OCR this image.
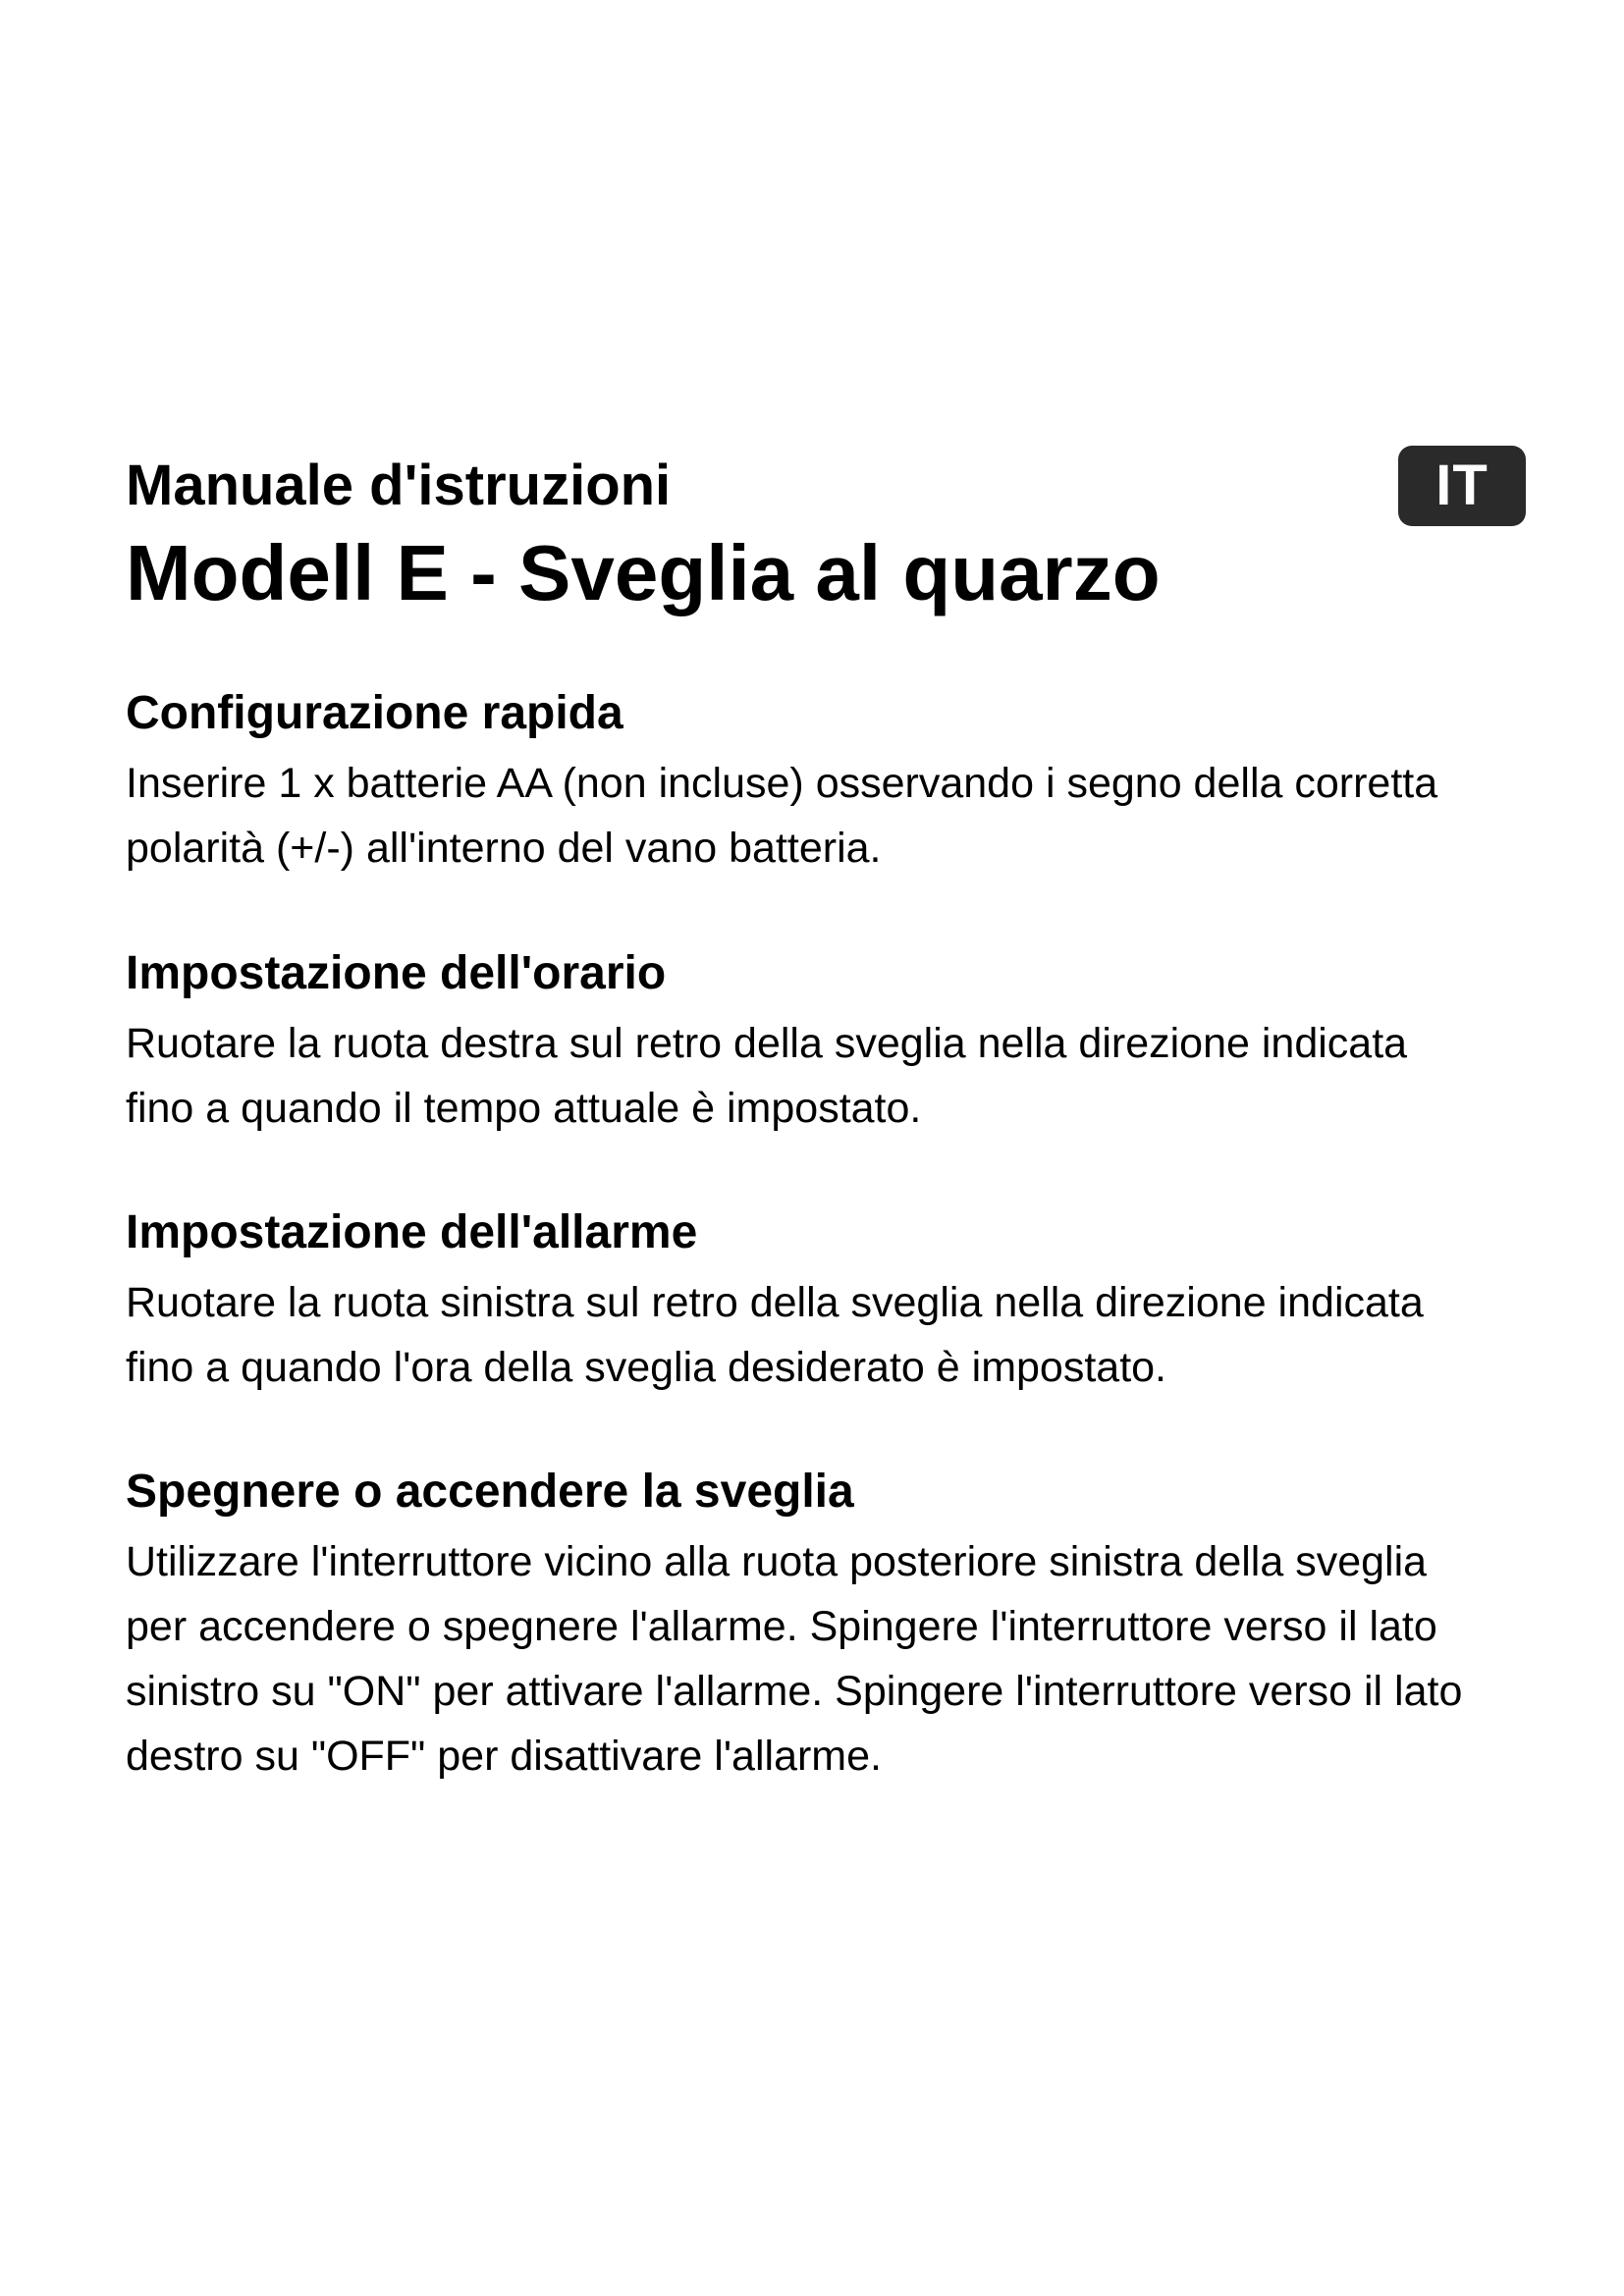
IT
Manuale d'istruzioni
Modell E - Sveglia al quarzo
Configurazione rapida

Inserire 1 x batterie AA (non incluse) osservando i segno della corretta
polarità (+/-) all'interno del vano batteria.

Impostazione dell'orario

Ruotare la ruota destra sul retro della sveglia nella direzione indicata
fino a quando il tempo attuale è impostato.

Impostazione dell'allarme

Ruotare la ruota sinistra sul retro della sveglia nella direzione indicata
fino a quando l'ora della sveglia desiderato è impostato.

Spegnere o accendere la sveglia

Utilizzare l'interruttore vicino alla ruota posteriore sinistra della sveglia
per accendere o spegnere l'allarme. Spingere l'interruttore verso il lato
sinistro su "ON" per attivare l'allarme. Spingere l'interruttore verso il lato
destro su "OFF" per disattivare l'allarme.
